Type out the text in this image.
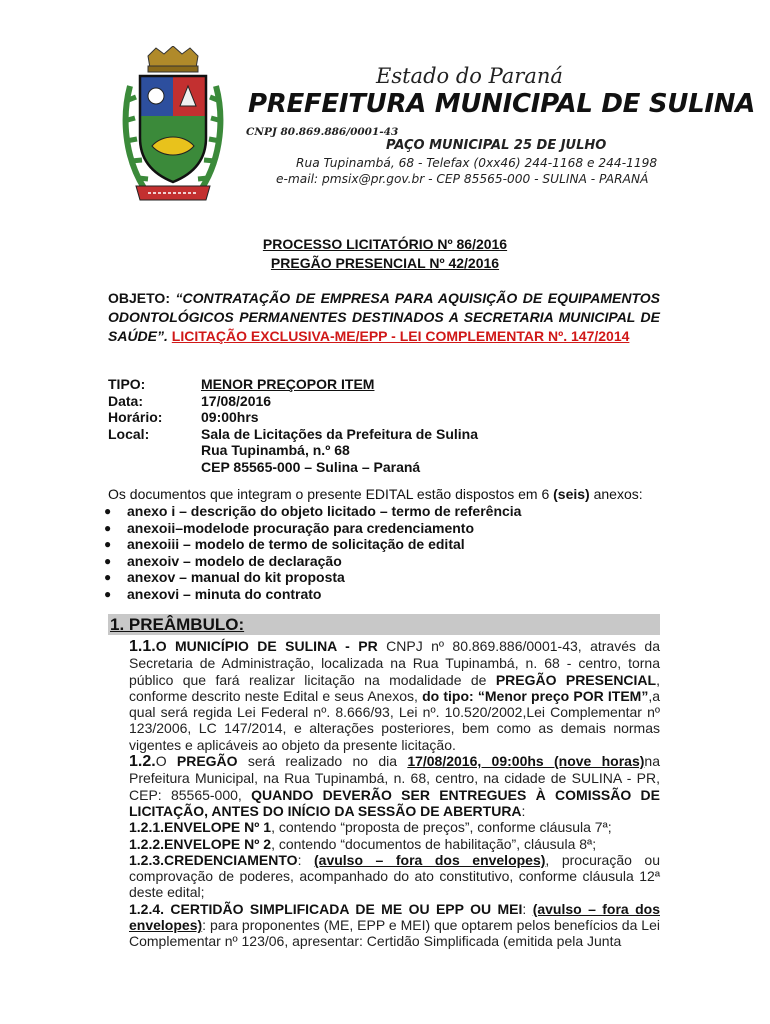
Estado do Paraná
PREFEITURA MUNICIPAL DE SULINA
CNPJ 80.869.886/0001-43
PAÇO MUNICIPAL 25 DE JULHO
Rua Tupinambá, 68 - Telefax (0xx46) 244-1168 e 244-1198
e-mail: pmsix@pr.gov.br - CEP 85565-000 - SULINA - PARANÁ
PROCESSO LICITATÓRIO Nº 86/2016
PREGÃO PRESENCIAL Nº 42/2016
OBJETO: “CONTRATAÇÃO DE EMPRESA PARA AQUISIÇÃO DE EQUIPAMENTOS ODONTOLÓGICOS PERMANENTES DESTINADOS A SECRETARIA MUNICIPAL DE SAÚDE”. LICITAÇÃO EXCLUSIVA-ME/EPP - LEI COMPLEMENTAR Nº. 147/2014
TIPO:	MENOR PREÇOPOR ITEM
Data:	17/08/2016
Horário:	09:00hrs
Local:	Sala de Licitações da Prefeitura de Sulina
Rua Tupinambá, n.º 68
CEP 85565-000 – Sulina – Paraná
Os documentos que integram o presente EDITAL estão dispostos em 6 (seis) anexos:
● anexo i – descrição do objeto licitado – termo de referência
● anexoii–modelode procuração para credenciamento
● anexoiii – modelo de termo de solicitação de edital
● anexoiv – modelo de declaração
● anexov – manual do kit proposta
● anexovi – minuta do contrato
1. PREÂMBULO:

1.1.O MUNICÍPIO DE SULINA - PR CNPJ nº 80.869.886/0001-43, através da Secretaria de Administração, localizada na Rua Tupinambá, n. 68 - centro, torna público que fará realizar licitação na modalidade de PREGÃO PRESENCIAL, conforme descrito neste Edital e seus Anexos, do tipo: “Menor preço POR ITEM”,a qual será regida Lei Federal nº. 8.666/93, Lei nº. 10.520/2002,Lei Complementar nº 123/2006, LC 147/2014, e alterações posteriores, bem como as demais normas vigentes e aplicáveis ao objeto da presente licitação.

1.2.O PREGÃO será realizado no dia 17/08/2016, 09:00hs (nove horas)na Prefeitura Municipal, na Rua Tupinambá, n. 68, centro, na cidade de SULINA - PR, CEP: 85565-000, QUANDO DEVERÃO SER ENTREGUES À COMISSÃO DE LICITAÇÃO, ANTES DO INÍCIO DA SESSÃO DE ABERTURA:

1.2.1.ENVELOPE Nº 1, contendo “proposta de preços”, conforme cláusula 7ª;

1.2.2.ENVELOPE Nº 2, contendo “documentos de habilitação”, cláusula 8ª;

1.2.3.CREDENCIAMENTO: (avulso – fora dos envelopes), procuração ou comprovação de poderes, acompanhado do ato constitutivo, conforme cláusula 12ª deste edital;

1.2.4. CERTIDÃO SIMPLIFICADA DE ME OU EPP OU MEI: (avulso – fora dos envelopes): para proponentes (ME, EPP e MEI) que optarem pelos benefícios da Lei Complementar nº 123/06, apresentar: Certidão Simplificada (emitida pela Junta
